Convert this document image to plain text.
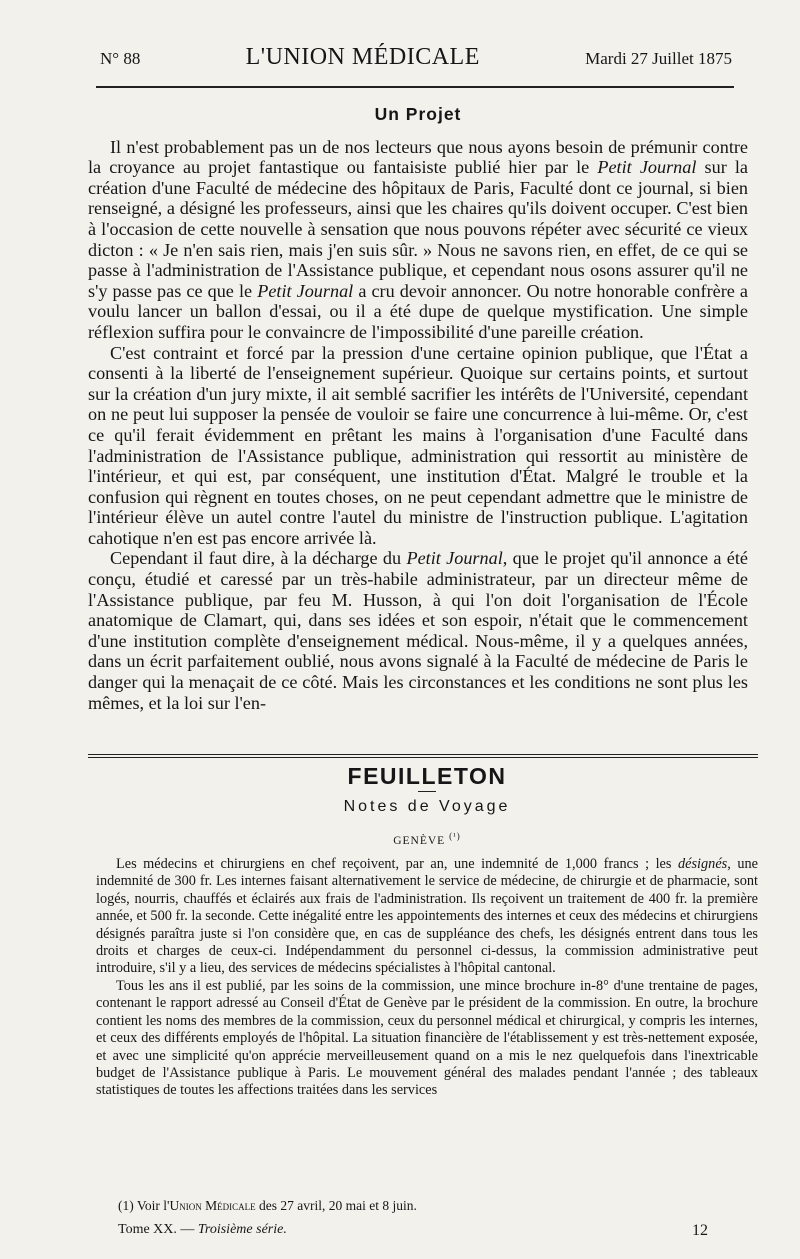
N° 88	L'UNION MÉDICALE	Mardi 27 Juillet 1875
Un Projet

Il n'est probablement pas un de nos lecteurs que nous ayons besoin de prémunir contre la croyance au projet fantastique ou fantaisiste publié hier par le Petit Journal sur la création d'une Faculté de médecine des hôpitaux de Paris, Faculté dont ce journal, si bien renseigné, a désigné les professeurs, ainsi que les chaires qu'ils doivent occuper. C'est bien à l'occasion de cette nouvelle à sensation que nous pouvons répéter avec sécurité ce vieux dicton : « Je n'en sais rien, mais j'en suis sûr. » Nous ne savons rien, en effet, de ce qui se passe à l'administration de l'Assistance publique, et cependant nous osons assurer qu'il ne s'y passe pas ce que le Petit Journal a cru devoir annoncer. Ou notre honorable confrère a voulu lancer un ballon d'essai, ou il a été dupe de quelque mystification. Une simple réflexion suffira pour le convaincre de l'impossibilité d'une pareille création.

C'est contraint et forcé par la pression d'une certaine opinion publique, que l'État a consenti à la liberté de l'enseignement supérieur. Quoique sur certains points, et surtout sur la création d'un jury mixte, il ait semblé sacrifier les intérêts de l'Université, cependant on ne peut lui supposer la pensée de vouloir se faire une concurrence à lui-même. Or, c'est ce qu'il ferait évidemment en prêtant les mains à l'organisation d'une Faculté dans l'administration de l'Assistance publique, administration qui ressortit au ministère de l'intérieur, et qui est, par conséquent, une institution d'État. Malgré le trouble et la confusion qui règnent en toutes choses, on ne peut cependant admettre que le ministre de l'intérieur élève un autel contre l'autel du ministre de l'instruction publique. L'agitation cahotique n'en est pas encore arrivée là.

Cependant il faut dire, à la décharge du Petit Journal, que le projet qu'il annonce a été conçu, étudié et caressé par un très-habile administrateur, par un directeur même de l'Assistance publique, par feu M. Husson, à qui l'on doit l'organisation de l'École anatomique de Clamart, qui, dans ses idées et son espoir, n'était que le commencement d'une institution complète d'enseignement médical. Nous-même, il y a quelques années, dans un écrit parfaitement oublié, nous avons signalé à la Faculté de médecine de Paris le danger qui la menaçait de ce côté. Mais les circonstances et les conditions ne sont plus les mêmes, et la loi sur l'en-

FEUILLETON
Notes de Voyage
GENÈVE $^{(^1)}$

Les médecins et chirurgiens en chef reçoivent, par an, une indemnité de 1,000 francs ; les désignés, une indemnité de 300 fr. Les internes faisant alternativement le service de médecine, de chirurgie et de pharmacie, sont logés, nourris, chauffés et éclairés aux frais de l'administration. Ils reçoivent un traitement de 400 fr. la première année, et 500 fr. la seconde. Cette inégalité entre les appointements des internes et ceux des médecins et chirurgiens désignés paraîtra juste si l'on considère que, en cas de suppléance des chefs, les désignés entrent dans tous les droits et charges de ceux-ci. Indépendamment du personnel ci-dessus, la commission administrative peut introduire, s'il y a lieu, des services de médecins spécialistes à l'hôpital cantonal.

Tous les ans il est publié, par les soins de la commission, une mince brochure in-8° d'une trentaine de pages, contenant le rapport adressé au Conseil d'État de Genève par le président de la commission. En outre, la brochure contient les noms des membres de la commission, ceux du personnel médical et chirurgical, y compris les internes, et ceux des différents employés de l'hôpital. La situation financière de l'établissement y est très-nettement exposée, et avec une simplicité qu'on apprécie merveilleusement quand on a mis le nez quelquefois dans l'inextricable budget de l'Assistance publique à Paris. Le mouvement général des malades pendant l'année ; des tableaux statistiques de toutes les affections traitées dans les services

(1) Voir l'Union Médicale des 27 avril, 20 mai et 8 juin.
Tome XX. — Troisième série.	12
